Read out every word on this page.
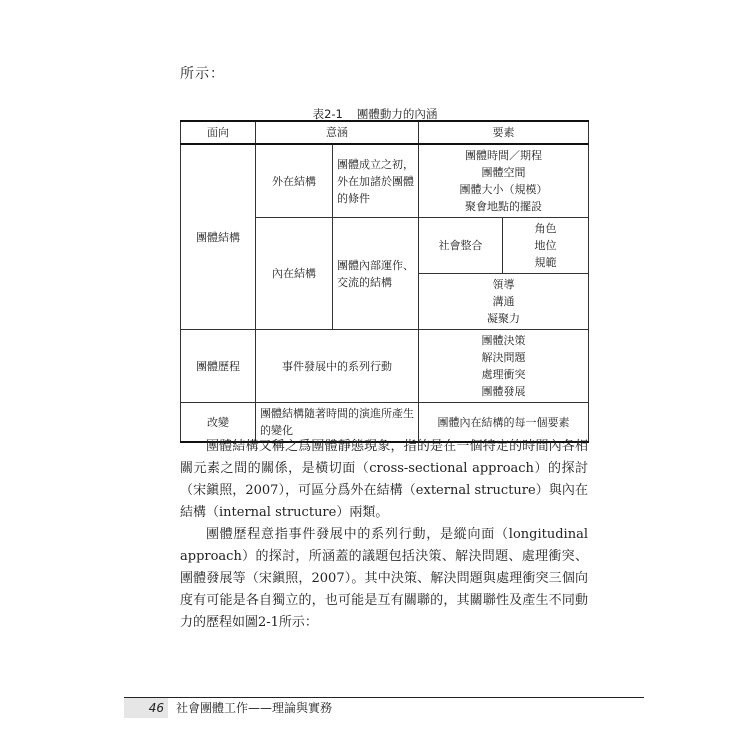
所示：
表2-1 團體動力的內涵
面向	意涵		要素	
團體結構	外在結構	團體成立之初，外在加諸於團體的條件	團體時間／期程
團體空間
團體大小（規模）
聚會地點的擺設	

	內在結構	團體內部運作、交流的結構	社會整合	角色
地位
規範

			領導
溝通
凝聚力	

團體歷程	事件發展中的系列行動		團體決策
解決問題
處理衝突
團體發展	

改變	團體結構隨著時間的演進所產生的變化		團體內在結構的每一個要素	

團體結構又稱之爲團體靜態現象，指的是在一個特定的時間內各相關元素之間的關係，是橫切面（cross-sectional approach）的探討（宋鎭照，2007），可區分爲外在結構（external structure）與內在結構（internal structure）兩類。

團體歷程意指事件發展中的系列行動，是縱向面（longitudinal approach）的探討，所涵蓋的議題包括決策、解決問題、處理衝突、團體發展等（宋鎭照，2007）。其中決策、解決問題與處理衝突三個向度有可能是各自獨立的，也可能是互有關聯的，其關聯性及產生不同動力的歷程如圖2-1所示：

46	社會團體工作——理論與實務
